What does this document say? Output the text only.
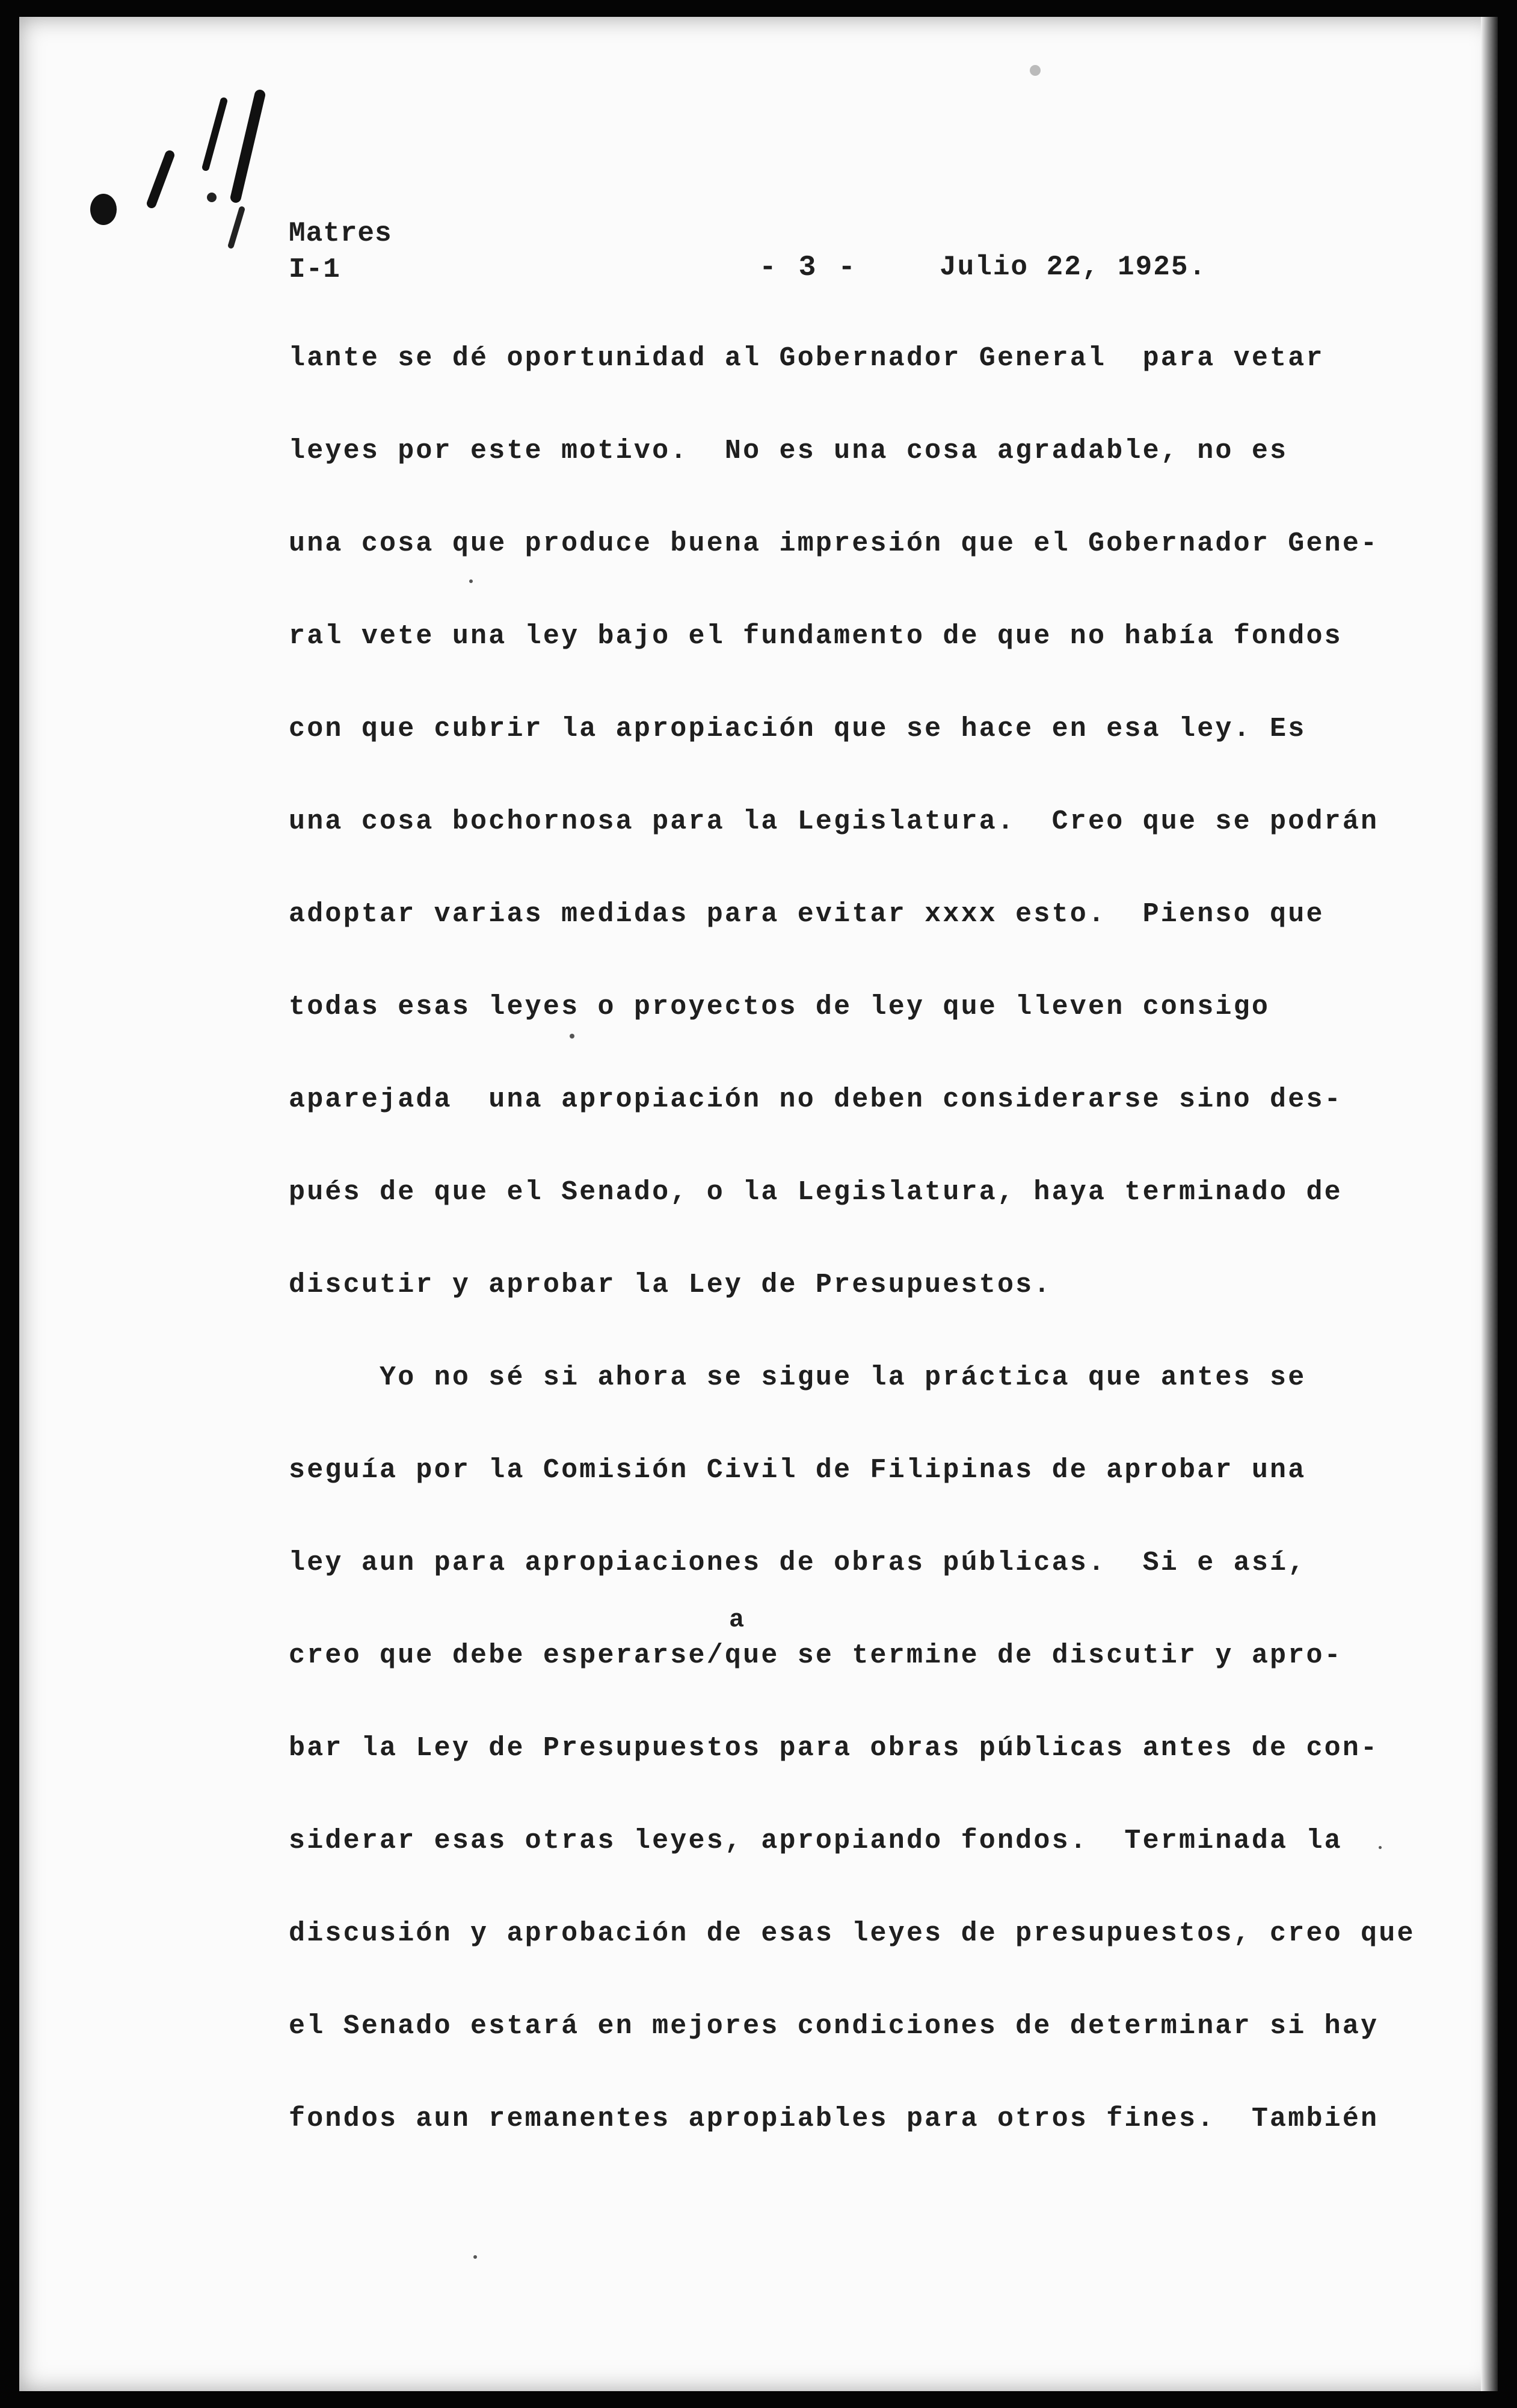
Matres
I-1	- 3 -	Julio 22, 1925.
lante se dé oportunidad al Gobernador General  para vetar
leyes por este motivo.  No es una cosa agradable, no es
una cosa que produce buena impresión que el Gobernador Gene-
ral vete una ley bajo el fundamento de que no había fondos
con que cubrir la apropiación que se hace en esa ley. Es
una cosa bochornosa para la Legislatura.  Creo que se podrán
adoptar varias medidas para evitar xxxx esto.  Pienso que
todas esas leyes o proyectos de ley que lleven consigo
aparejada  una apropiación no deben considerarse sino des-
pués de que el Senado, o la Legislatura, haya terminado de
discutir y aprobar la Ley de Presupuestos.
Yo no sé si ahora se sigue la práctica que antes se
seguía por la Comisión Civil de Filipinas de aprobar una
ley aun para apropiaciones de obras públicas.  Si e así,
creo que debe esperarse/que se termine de discutir y apro-
bar la Ley de Presupuestos para obras públicas antes de con-
siderar esas otras leyes, apropiando fondos.  Terminada la
discusión y aprobación de esas leyes de presupuestos, creo que
el Senado estará en mejores condiciones de determinar si hay
fondos aun remanentes apropiables para otros fines.  También
a
